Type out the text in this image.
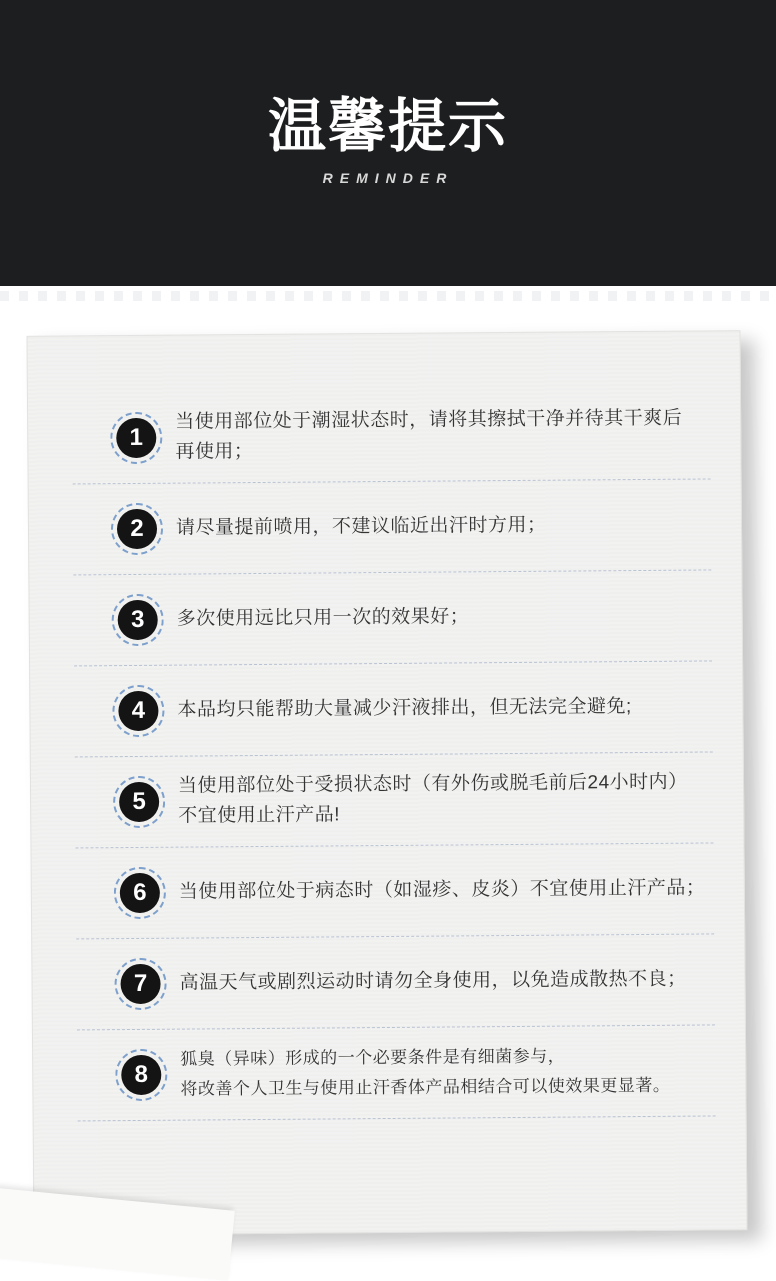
温馨提示
REMINDER
1
当使用部位处于潮湿状态时，请将其擦拭干净并待其干爽后
再使用；
2	请尽量提前喷用，不建议临近出汗时方用；
3	多次使用远比只用一次的效果好；
4	本品均只能帮助大量减少汗液排出，但无法完全避免;
5
当使用部位处于受损状态时（有外伤或脱毛前后24小时内）
不宜使用止汗产品!
6	当使用部位处于病态时（如湿疹、皮炎）不宜使用止汗产品；
7	高温天气或剧烈运动时请勿全身使用，以免造成散热不良；
8
狐臭（异味）形成的一个必要条件是有细菌参与，
将改善个人卫生与使用止汗香体产品相结合可以使效果更显著。
